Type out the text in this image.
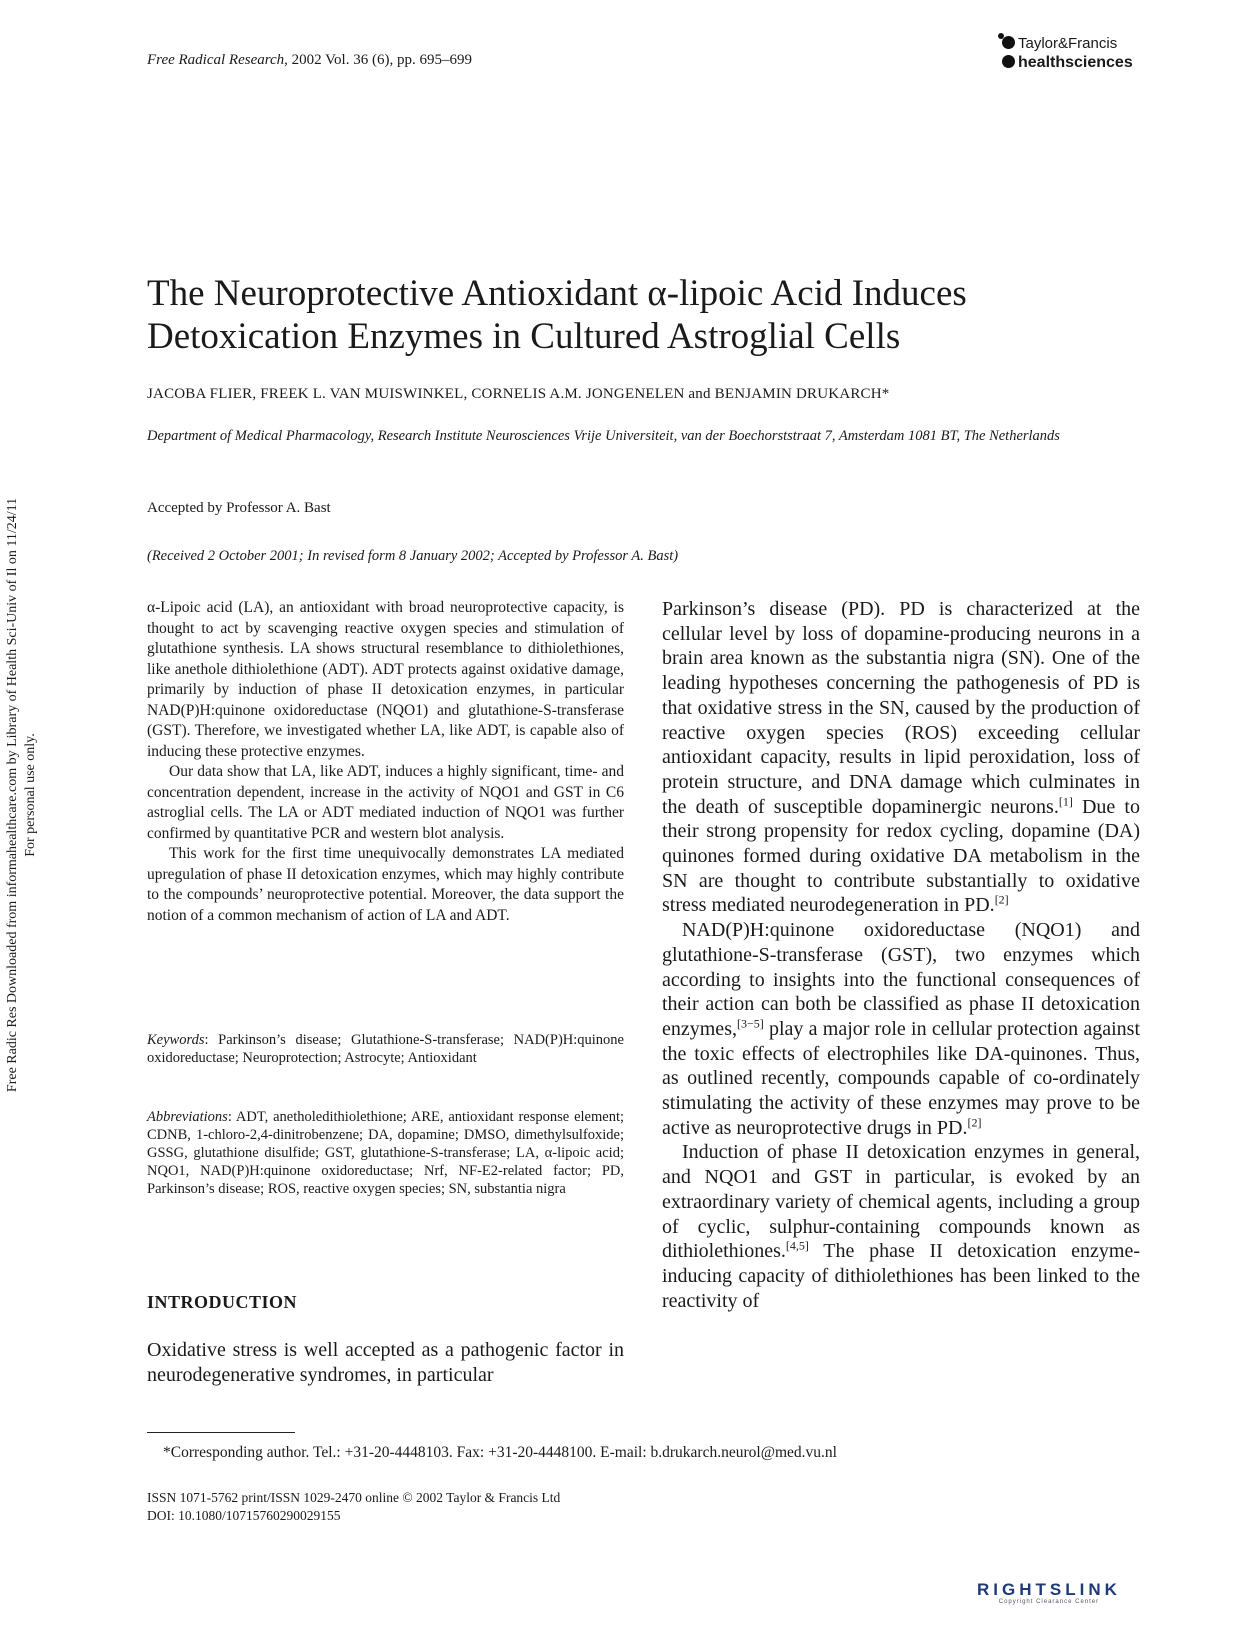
Free Radical Research, 2002 Vol. 36 (6), pp. 695–699
Taylor&Francis
healthsciences
Free Radic Res Downloaded from informahealthcare.com by Library of Health Sci-Univ of Il on 11/24/11 For personal use only.
The Neuroprotective Antioxidant α-lipoic Acid Induces
Detoxication Enzymes in Cultured Astroglial Cells
JACOBA FLIER, FREEK L. VAN MUISWINKEL, CORNELIS A.M. JONGENELEN and BENJAMIN DRUKARCH*
Department of Medical Pharmacology, Research Institute Neurosciences Vrije Universiteit, van der Boechorststraat 7, Amsterdam 1081 BT, The Netherlands
Accepted by Professor A. Bast
(Received 2 October 2001; In revised form 8 January 2002; Accepted by Professor A. Bast)

α-Lipoic acid (LA), an antioxidant with broad neuroprotective capacity, is thought to act by scavenging reactive oxygen species and stimulation of glutathione synthesis. LA shows structural resemblance to dithiolethiones, like anethole dithiolethione (ADT). ADT protects against oxidative damage, primarily by induction of phase II detoxication enzymes, in particular NAD(P)H:quinone oxidoreductase (NQO1) and glutathione-S-transferase (GST). Therefore, we investigated whether LA, like ADT, is capable also of inducing these protective enzymes.

Our data show that LA, like ADT, induces a highly significant, time- and concentration dependent, increase in the activity of NQO1 and GST in C6 astroglial cells. The LA or ADT mediated induction of NQO1 was further confirmed by quantitative PCR and western blot analysis.

This work for the first time unequivocally demonstrates LA mediated upregulation of phase II detoxication enzymes, which may highly contribute to the compounds’ neuroprotective potential. Moreover, the data support the notion of a common mechanism of action of LA and ADT.

Keywords: Parkinson’s disease; Glutathione-S-transferase; NAD(P)H:quinone oxidoreductase; Neuroprotection; Astrocyte; Antioxidant
Abbreviations: ADT, anetholedithiolethione; ARE, antioxidant response element; CDNB, 1-chloro-2,4-dinitrobenzene; DA, dopamine; DMSO, dimethylsulfoxide; GSSG, glutathione disulfide; GST, glutathione-S-transferase; LA, α-lipoic acid; NQO1, NAD(P)H:quinone oxidoreductase; Nrf, NF-E2-related factor; PD, Parkinson’s disease; ROS, reactive oxygen species; SN, substantia nigra
INTRODUCTION
Oxidative stress is well accepted as a pathogenic factor in neurodegenerative syndromes, in particular

Parkinson’s disease (PD). PD is characterized at the cellular level by loss of dopamine-producing neurons in a brain area known as the substantia nigra (SN). One of the leading hypotheses concerning the pathogenesis of PD is that oxidative stress in the SN, caused by the production of reactive oxygen species (ROS) exceeding cellular antioxidant capacity, results in lipid peroxidation, loss of protein structure, and DNA damage which culminates in the death of susceptible dopaminergic neurons.[1] Due to their strong propensity for redox cycling, dopamine (DA) quinones formed during oxidative DA metabolism in the SN are thought to contribute substantially to oxidative stress mediated neurodegeneration in PD.[2]

NAD(P)H:quinone oxidoreductase (NQO1) and glutathione-S-transferase (GST), two enzymes which according to insights into the functional consequences of their action can both be classified as phase II detoxication enzymes,[3−5] play a major role in cellular protection against the toxic effects of electrophiles like DA-quinones. Thus, as outlined recently, compounds capable of co-ordinately stimulating the activity of these enzymes may prove to be active as neuroprotective drugs in PD.[2]

Induction of phase II detoxication enzymes in general, and NQO1 and GST in particular, is evoked by an extraordinary variety of chemical agents, including a group of cyclic, sulphur-containing compounds known as dithiolethiones.[4,5] The phase II detoxication enzyme-inducing capacity of dithiolethiones has been linked to the reactivity of

*Corresponding author. Tel.: +31-20-4448103. Fax: +31-20-4448100. E-mail: b.drukarch.neurol@med.vu.nl
ISSN 1071-5762 print/ISSN 1029-2470 online © 2002 Taylor & Francis Ltd
DOI: 10.1080/10715760290029155
RIGHTSLINK
Copyright Clearance Center
